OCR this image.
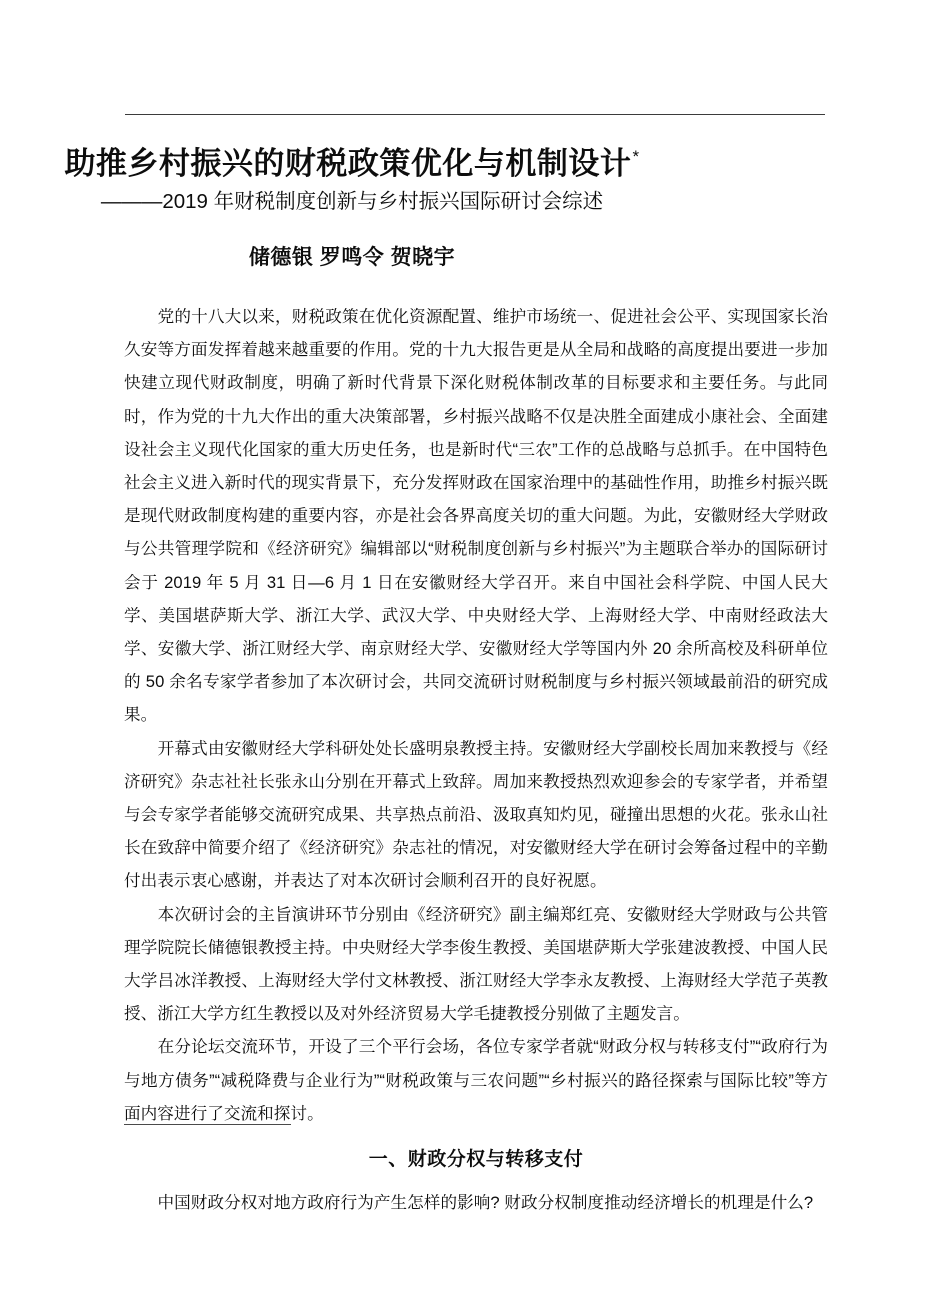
助推乡村振兴的财税政策优化与机制设计*
———2019 年财税制度创新与乡村振兴国际研讨会综述
储德银 罗鸣令 贺晓宇

党的十八大以来，财税政策在优化资源配置、维护市场统一、促进社会公平、实现国家长治久安等方面发挥着越来越重要的作用。党的十九大报告更是从全局和战略的高度提出要进一步加快建立现代财政制度，明确了新时代背景下深化财税体制改革的目标要求和主要任务。与此同时，作为党的十九大作出的重大决策部署，乡村振兴战略不仅是决胜全面建成小康社会、全面建设社会主义现代化国家的重大历史任务，也是新时代“三农”工作的总战略与总抓手。在中国特色社会主义进入新时代的现实背景下，充分发挥财政在国家治理中的基础性作用，助推乡村振兴既是现代财政制度构建的重要内容，亦是社会各界高度关切的重大问题。为此，安徽财经大学财政与公共管理学院和《经济研究》编辑部以“财税制度创新与乡村振兴”为主题联合举办的国际研讨会于 2019 年 5 月 31 日—6 月 1 日在安徽财经大学召开。来自中国社会科学院、中国人民大学、美国堪萨斯大学、浙江大学、武汉大学、中央财经大学、上海财经大学、中南财经政法大学、安徽大学、浙江财经大学、南京财经大学、安徽财经大学等国内外 20 余所高校及科研单位的 50 余名专家学者参加了本次研讨会，共同交流研讨财税制度与乡村振兴领域最前沿的研究成果。

开幕式由安徽财经大学科研处处长盛明泉教授主持。安徽财经大学副校长周加来教授与《经济研究》杂志社社长张永山分别在开幕式上致辞。周加来教授热烈欢迎参会的专家学者，并希望与会专家学者能够交流研究成果、共享热点前沿、汲取真知灼见，碰撞出思想的火花。张永山社长在致辞中简要介绍了《经济研究》杂志社的情况，对安徽财经大学在研讨会筹备过程中的辛勤付出表示衷心感谢，并表达了对本次研讨会顺利召开的良好祝愿。

本次研讨会的主旨演讲环节分别由《经济研究》副主编郑红亮、安徽财经大学财政与公共管理学院院长储德银教授主持。中央财经大学李俊生教授、美国堪萨斯大学张建波教授、中国人民大学吕冰洋教授、上海财经大学付文林教授、浙江财经大学李永友教授、上海财经大学范子英教授、浙江大学方红生教授以及对外经济贸易大学毛捷教授分别做了主题发言。

在分论坛交流环节，开设了三个平行会场，各位专家学者就“财政分权与转移支付”“政府行为与地方债务”“减税降费与企业行为”“财税政策与三农问题”“乡村振兴的路径探索与国际比较”等方面内容进行了交流和探讨。

一、财政分权与转移支付

中国财政分权对地方政府行为产生怎样的影响? 财政分权制度推动经济增长的机理是什么?
